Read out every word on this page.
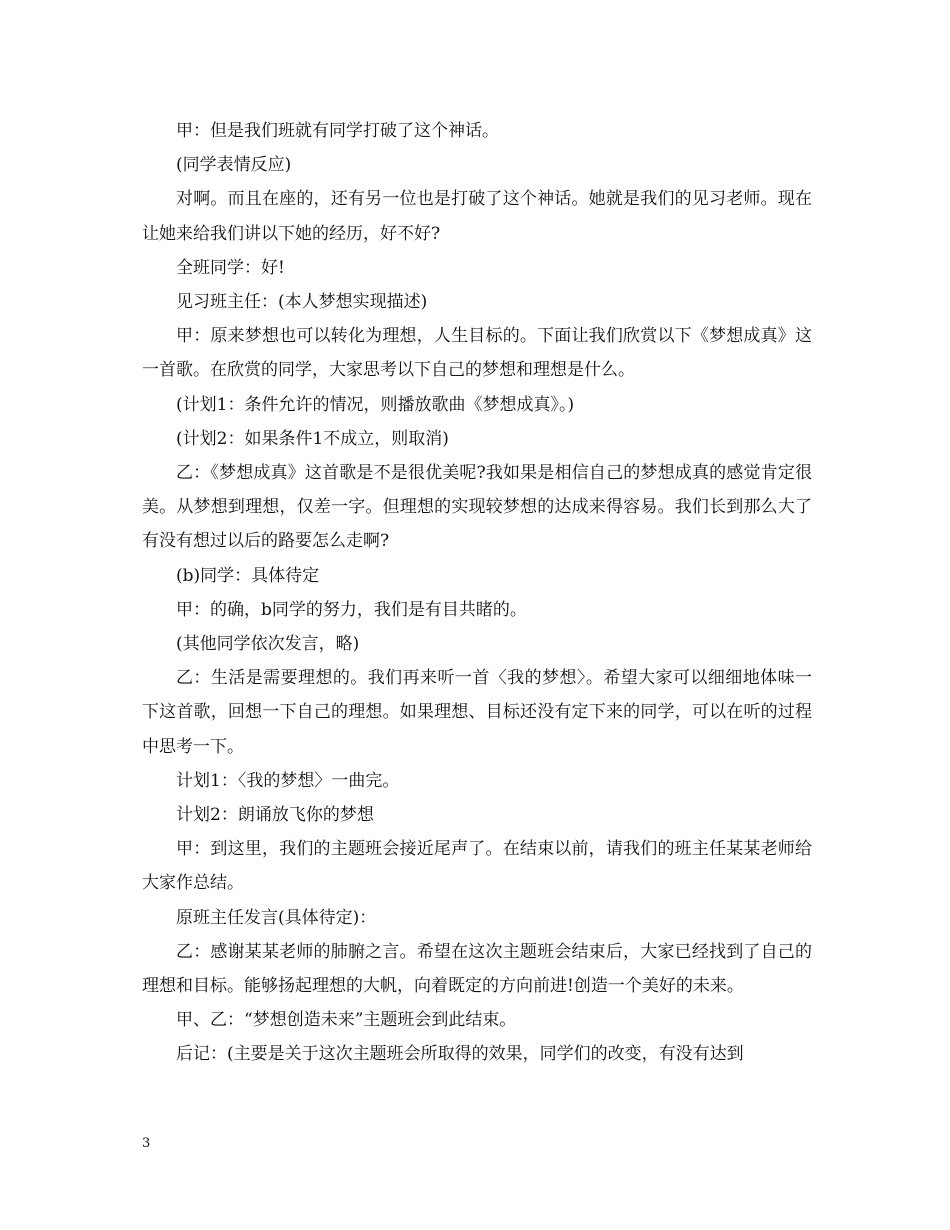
甲：但是我们班就有同学打破了这个神话。

(同学表情反应)

对啊。而且在座的，还有另一位也是打破了这个神话。她就是我们的见习老师。现在让她来给我们讲以下她的经历，好不好?

全班同学：好!

见习班主任：(本人梦想实现描述)

甲：原来梦想也可以转化为理想，人生目标的。下面让我们欣赏以下《梦想成真》这一首歌。在欣赏的同学，大家思考以下自己的梦想和理想是什么。

(计划1：条件允许的情况，则播放歌曲《梦想成真》。)

(计划2：如果条件1不成立，则取消)

乙：《梦想成真》这首歌是不是很优美呢?我如果是相信自己的梦想成真的感觉肯定很美。从梦想到理想，仅差一字。但理想的实现较梦想的达成来得容易。我们长到那么大了有没有想过以后的路要怎么走啊?

(b)同学：具体待定

甲：的确，b同学的努力，我们是有目共睹的。

(其他同学依次发言，略)

乙：生活是需要理想的。我们再来听一首〈我的梦想〉。希望大家可以细细地体味一下这首歌，回想一下自己的理想。如果理想、目标还没有定下来的同学，可以在听的过程中思考一下。

计划1：〈我的梦想〉一曲完。

计划2：朗诵放飞你的梦想

甲：到这里，我们的主题班会接近尾声了。在结束以前，请我们的班主任某某老师给大家作总结。

原班主任发言(具体待定)：

乙：感谢某某老师的肺腑之言。希望在这次主题班会结束后，大家已经找到了自己的理想和目标。能够扬起理想的大帆，向着既定的方向前进!创造一个美好的未来。

甲、乙：“梦想创造未来”主题班会到此结束。

后记：(主要是关于这次主题班会所取得的效果，同学们的改变，有没有达到

3
